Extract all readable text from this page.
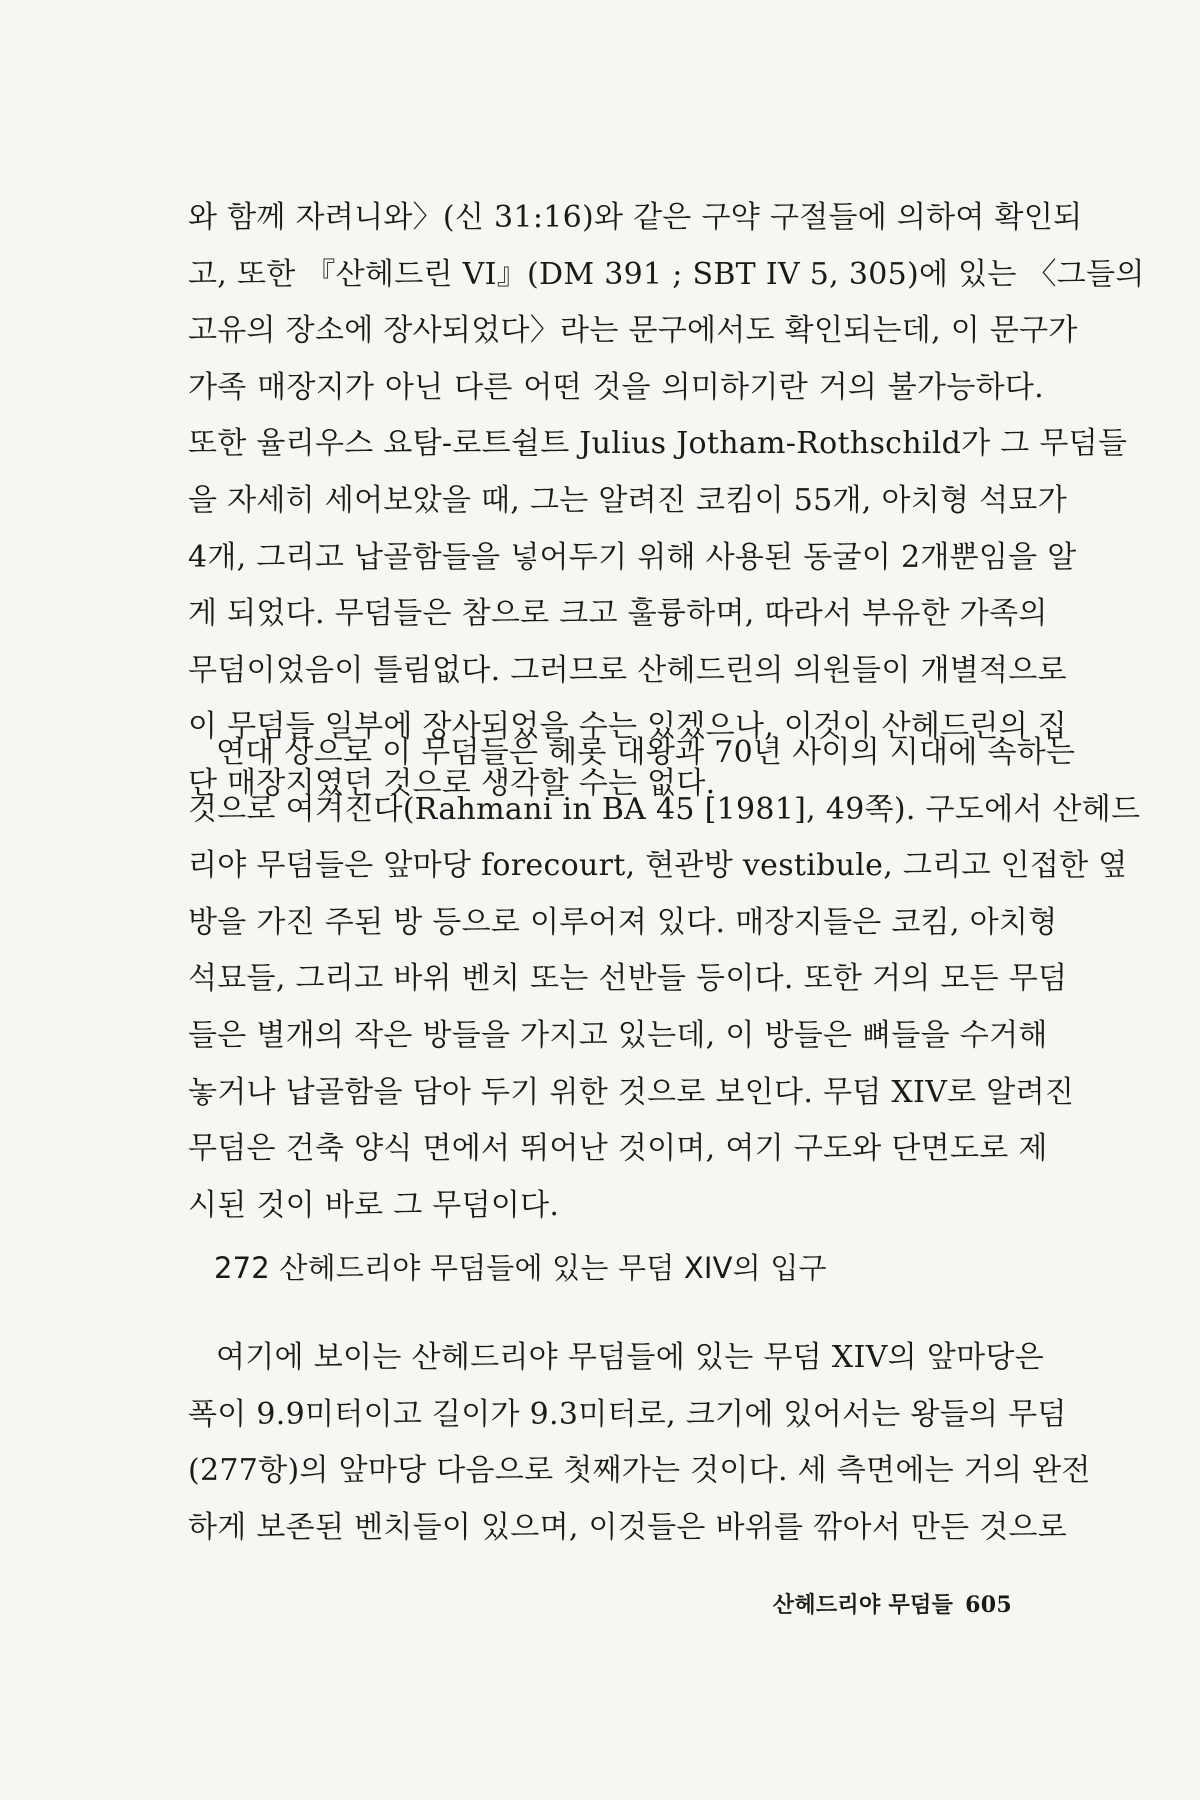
와 함께 자려니와〉(신 31:16)와 같은 구약 구절들에 의하여 확인되
고, 또한 『산헤드린 VI』(DM 391 ; SBT IV 5, 305)에 있는 〈그들의
고유의 장소에 장사되었다〉라는 문구에서도 확인되는데, 이 문구가
가족 매장지가 아닌 다른 어떤 것을 의미하기란 거의 불가능하다.
또한 율리우스 요탐-로트쉴트 Julius Jotham-Rothschild가 그 무덤들
을 자세히 세어보았을 때, 그는 알려진 코킴이 55개, 아치형 석묘가
4개, 그리고 납골함들을 넣어두기 위해 사용된 동굴이 2개뿐임을 알
게 되었다. 무덤들은 참으로 크고 훌륭하며, 따라서 부유한 가족의
무덤이었음이 틀림없다. 그러므로 산헤드린의 의원들이 개별적으로
이 무덤들 일부에 장사되었을 수는 있겠으나, 이것이 산헤드린의 집
단 매장지였던 것으로 생각할 수는 없다.
연대 상으로 이 무덤들은 헤롯 대왕과 70년 사이의 시대에 속하는
것으로 여겨진다(Rahmani in BA 45 [1981], 49쪽). 구도에서 산헤드
리야 무덤들은 앞마당 forecourt, 현관방 vestibule, 그리고 인접한 옆
방을 가진 주된 방 등으로 이루어져 있다. 매장지들은 코킴, 아치형
석묘들, 그리고 바위 벤치 또는 선반들 등이다. 또한 거의 모든 무덤
들은 별개의 작은 방들을 가지고 있는데, 이 방들은 뼈들을 수거해
놓거나 납골함을 담아 두기 위한 것으로 보인다. 무덤 XIV로 알려진
무덤은 건축 양식 면에서 뛰어난 것이며, 여기 구도와 단면도로 제
시된 것이 바로 그 무덤이다.
272 산헤드리야 무덤들에 있는 무덤 XIV의 입구
여기에 보이는 산헤드리야 무덤들에 있는 무덤 XIV의 앞마당은
폭이 9.9미터이고 길이가 9.3미터로, 크기에 있어서는 왕들의 무덤
(277항)의 앞마당 다음으로 첫째가는 것이다. 세 측면에는 거의 완전
하게 보존된 벤치들이 있으며, 이것들은 바위를 깎아서 만든 것으로
산헤드리야 무덤들 605
